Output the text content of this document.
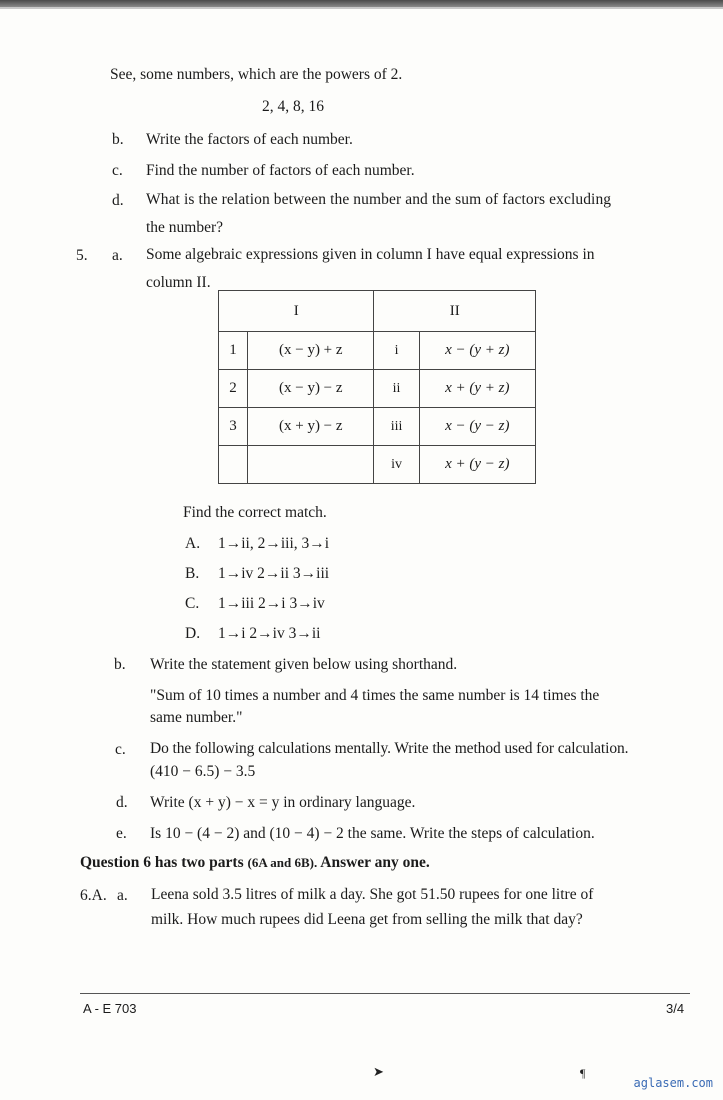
See, some numbers, which are the powers of 2.
2, 4, 8, 16
b. Write the factors of each number.
c. Find the number of factors of each number.
d. What is the relation between the number and the sum of factors excluding
the number?
5. a. Some algebraic expressions given in column I have equal expressions in
column II.
I		II	
1	(x − y) + z	i	x − (y + z)
2	(x − y) − z	ii	x + (y + z)
3	(x + y) − z	iii	x − (y − z)
		iv	x + (y − z)
Find the correct match.
A. 1→ii, 2→iii, 3→i
B. 1→iv 2→ii 3→iii
C. 1→iii 2→i 3→iv
D. 1→i 2→iv 3→ii
b. Write the statement given below using shorthand.
"Sum of 10 times a number and 4 times the same number is 14 times the
same number."
c. Do the following calculations mentally. Write the method used for calculation.
(410 − 6.5) − 3.5
d. Write (x + y) − x = y in ordinary language.
e. Is 10 − (4 − 2) and (10 − 4) − 2 the same. Write the steps of calculation.
Question 6 has two parts (6A and 6B). Answer any one.
6.A. a. Leena sold 3.5 litres of milk a day. She got 51.50 rupees for one litre of
milk. How much rupees did Leena get from selling the milk that day?
A - E 703	3/4
➤	¶
aglasem.com
